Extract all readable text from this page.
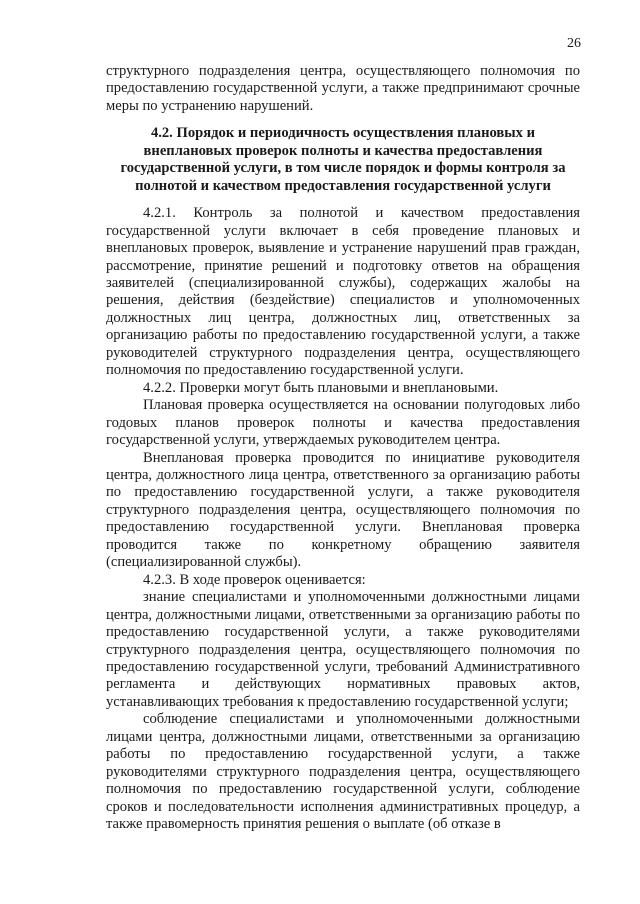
26

структурного подразделения центра, осуществляющего полномочия по предоставлению государственной услуги, а также предпринимают срочные меры по устранению нарушений.

4.2. Порядок и периодичность осуществления плановых и внеплановых проверок полноты и качества предоставления государственной услуги, в том числе порядок и формы контроля за полнотой и качеством предоставления государственной услуги

4.2.1. Контроль за полнотой и качеством предоставления государственной услуги включает в себя проведение плановых и внеплановых проверок, выявление и устранение нарушений прав граждан, рассмотрение, принятие решений и подготовку ответов на обращения заявителей (специализированной службы), содержащих жалобы на решения, действия (бездействие) специалистов и уполномоченных должностных лиц центра, должностных лиц, ответственных за организацию работы по предоставлению государственной услуги, а также руководителей структурного подразделения центра, осуществляющего полномочия по предоставлению государственной услуги.

4.2.2. Проверки могут быть плановыми и внеплановыми.

Плановая проверка осуществляется на основании полугодовых либо годовых планов проверок полноты и качества предоставления государственной услуги, утверждаемых руководителем центра.

Внеплановая проверка проводится по инициативе руководителя центра, должностного лица центра, ответственного за организацию работы по предоставлению государственной услуги, а также руководителя структурного подразделения центра, осуществляющего полномочия по предоставлению государственной услуги. Внеплановая проверка проводится также по конкретному обращению заявителя (специализированной службы).

4.2.3. В ходе проверок оценивается:

знание специалистами и уполномоченными должностными лицами центра, должностными лицами, ответственными за организацию работы по предоставлению государственной услуги, а также руководителями структурного подразделения центра, осуществляющего полномочия по предоставлению государственной услуги, требований Административного регламента и действующих нормативных правовых актов, устанавливающих требования к предоставлению государственной услуги;

соблюдение специалистами и уполномоченными должностными лицами центра, должностными лицами, ответственными за организацию работы по предоставлению государственной услуги, а также руководителями структурного подразделения центра, осуществляющего полномочия по предоставлению государственной услуги, соблюдение сроков и последовательности исполнения административных процедур, а также правомерность принятия решения о выплате (об отказе в
